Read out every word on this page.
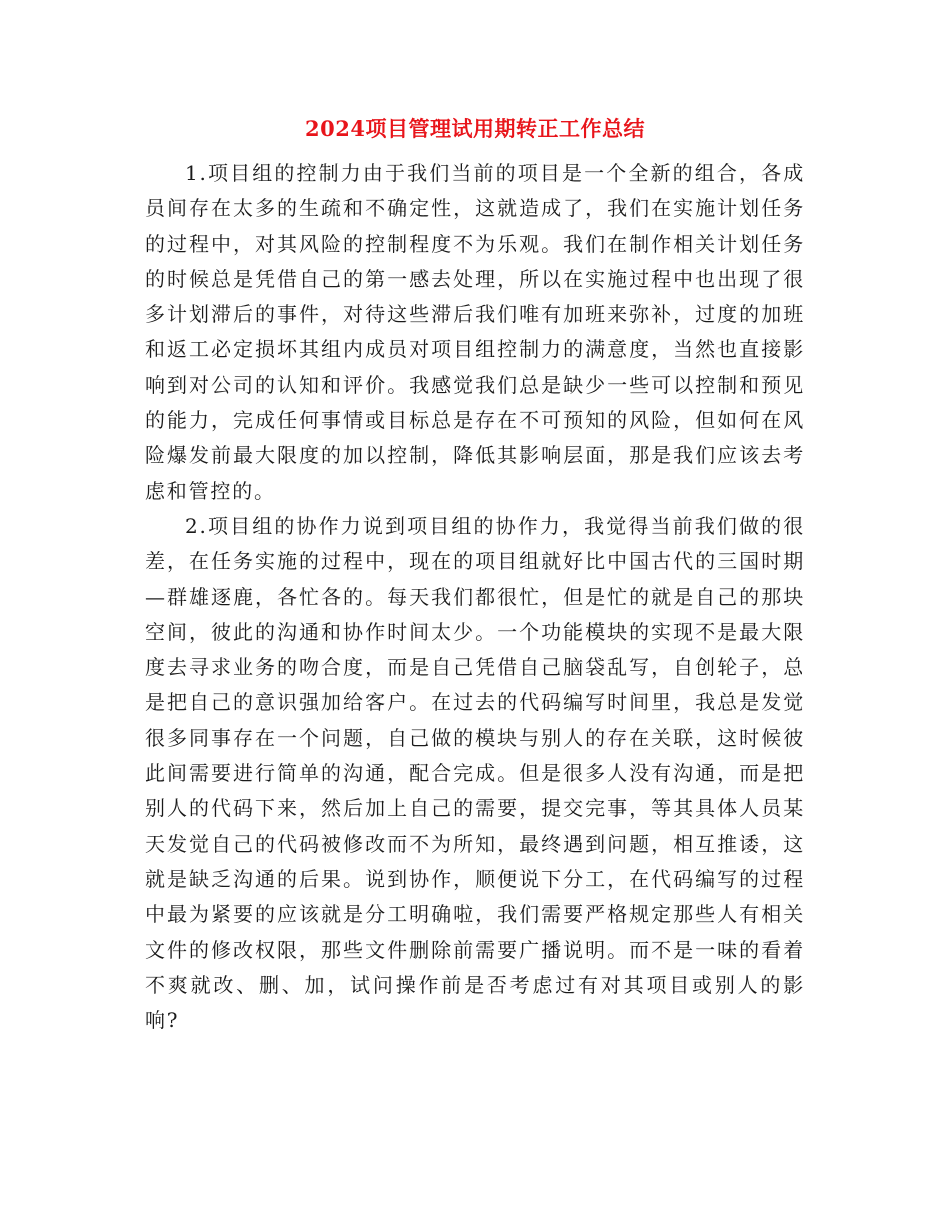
2024项目管理试用期转正工作总结

1.项目组的控制力由于我们当前的项目是一个全新的组合，各成员间存在太多的生疏和不确定性，这就造成了，我们在实施计划任务的过程中，对其风险的控制程度不为乐观。我们在制作相关计划任务的时候总是凭借自己的第一感去处理，所以在实施过程中也出现了很多计划滞后的事件，对待这些滞后我们唯有加班来弥补，过度的加班和返工必定损坏其组内成员对项目组控制力的满意度，当然也直接影响到对公司的认知和评价。我感觉我们总是缺少一些可以控制和预见的能力，完成任何事情或目标总是存在不可预知的风险，但如何在风险爆发前最大限度的加以控制，降低其影响层面，那是我们应该去考虑和管控的。

2.项目组的协作力说到项目组的协作力，我觉得当前我们做的很差，在任务实施的过程中，现在的项目组就好比中国古代的三国时期—群雄逐鹿，各忙各的。每天我们都很忙，但是忙的就是自己的那块空间，彼此的沟通和协作时间太少。一个功能模块的实现不是最大限度去寻求业务的吻合度，而是自己凭借自己脑袋乱写，自创轮子，总是把自己的意识强加给客户。在过去的代码编写时间里，我总是发觉很多同事存在一个问题，自己做的模块与别人的存在关联，这时候彼此间需要进行简单的沟通，配合完成。但是很多人没有沟通，而是把别人的代码下来，然后加上自己的需要，提交完事，等其具体人员某天发觉自己的代码被修改而不为所知，最终遇到问题，相互推诿，这就是缺乏沟通的后果。说到协作，顺便说下分工，在代码编写的过程中最为紧要的应该就是分工明确啦，我们需要严格规定那些人有相关文件的修改权限，那些文件删除前需要广播说明。而不是一味的看着不爽就改、删、加，试问操作前是否考虑过有对其项目或别人的影响?
